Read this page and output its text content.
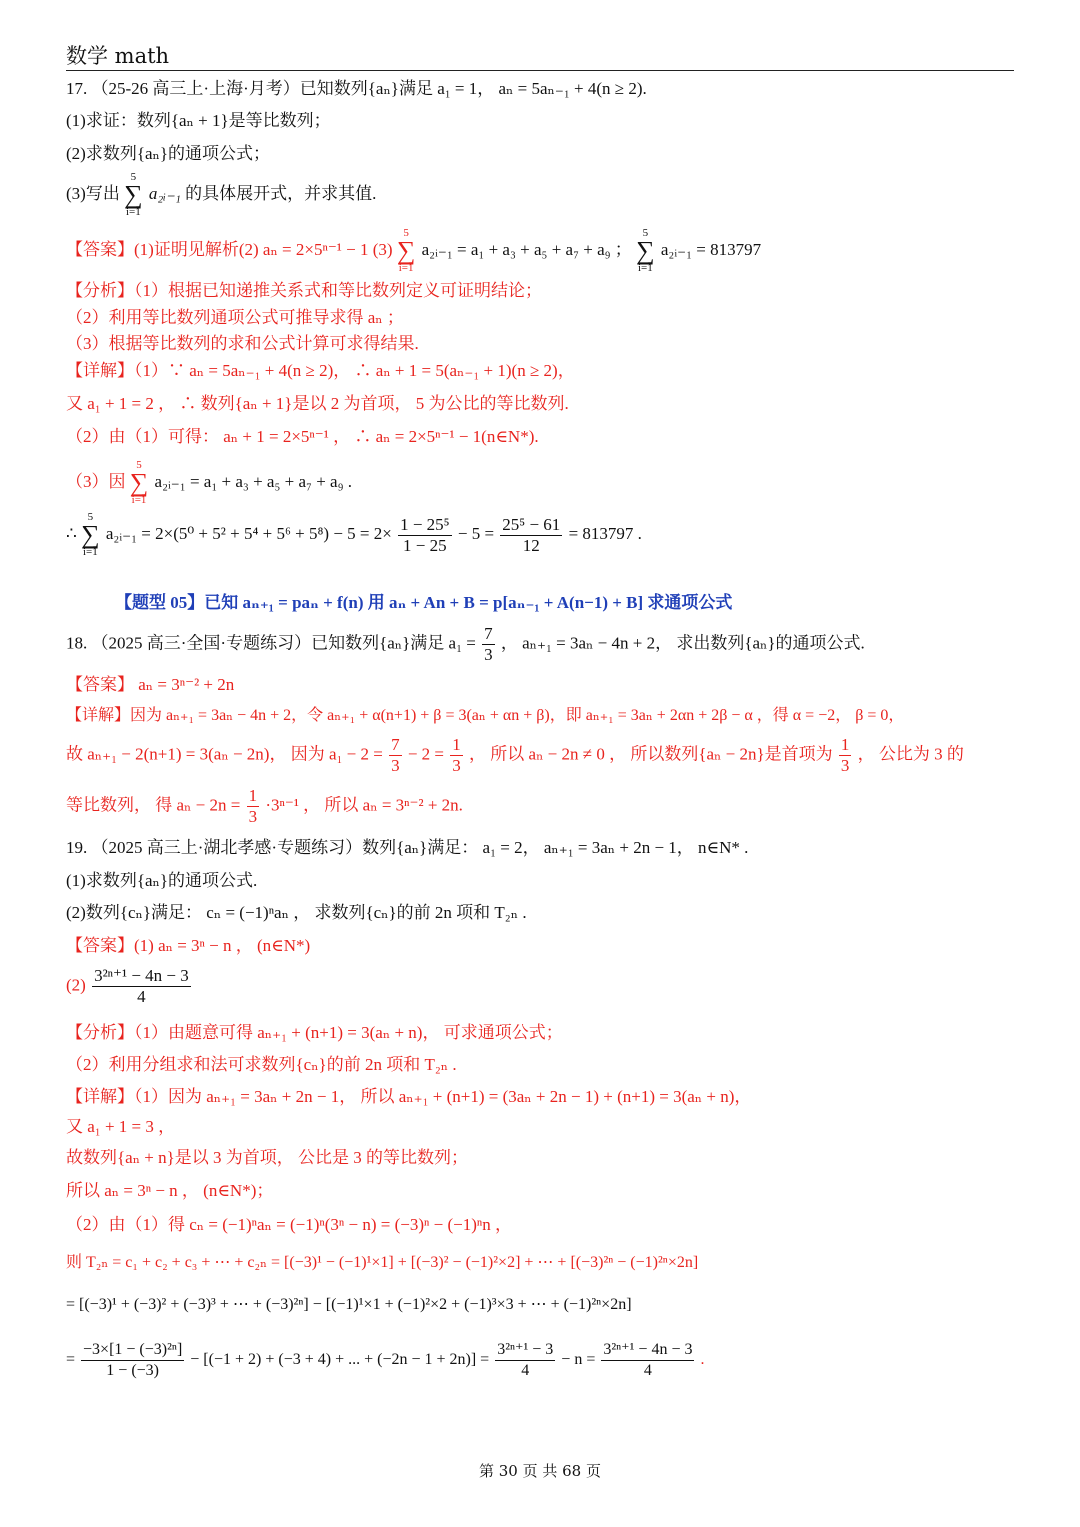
数学 math
17. （25-26 高三上·上海·月考）已知数列{aₙ}满足 a₁ = 1， aₙ = 5aₙ₋₁ + 4(n ≥ 2).
(1)求证：数列{aₙ + 1}是等比数列；
(2)求数列{aₙ}的通项公式；
(3)写出 5
∑
i=1 a₂ᵢ₋₁ 的具体展开式，并求其值.
【答案】(1)证明见解析(2) aₙ = 2×5ⁿ⁻¹ − 1 (3) 5
∑
i=1 a₂ᵢ₋₁ = a₁ + a₃ + a₅ + a₇ + a₉ ； 5
∑
i=1 a₂ᵢ₋₁ = 813797
【分析】（1）根据已知递推关系式和等比数列定义可证明结论；
（2）利用等比数列通项公式可推导求得 aₙ ；
（3）根据等比数列的求和公式计算可求得结果.
【详解】（1）∵ aₙ = 5aₙ₋₁ + 4(n ≥ 2)， ∴ aₙ + 1 = 5(aₙ₋₁ + 1)(n ≥ 2)，
又 a₁ + 1 = 2 ， ∴ 数列{aₙ + 1}是以 2 为首项， 5 为公比的等比数列.
（2）由（1）可得： aₙ + 1 = 2×5ⁿ⁻¹ ， ∴ aₙ = 2×5ⁿ⁻¹ − 1(n∈N*).
（3）因 5
∑
i=1 a₂ᵢ₋₁ = a₁ + a₃ + a₅ + a₇ + a₉ .
∴ 5
∑
i=1 a₂ᵢ₋₁ = $2\times(5^0 + 5^2 + 5^4 + 5^6 + 5^8) - 5 = 2\times \frac{\text{1 − 25⁵}}{1 - 25} - 5 = \frac{\text{25⁵ − 61}}{12} = 813797$ .
【题型 05】已知 aₙ₊₁ = paₙ + f(n) 用 aₙ + An + B = p[aₙ₋₁ + A(n−1) + B] 求通项公式
18. （2025 高三·全国·专题练习）已知数列{aₙ}满足 $a_1 = \frac{7}{3}$ ， aₙ₊₁ = 3aₙ − 4n + 2， 求出数列{aₙ}的通项公式.
【答案】 aₙ = 3ⁿ⁻² + 2n
【详解】因为 aₙ₊₁ = 3aₙ − 4n + 2，令 aₙ₊₁ + α(n+1) + β = 3(aₙ + αn + β)，即 aₙ₊₁ = 3aₙ + 2αn + 2β − α ，得 α = −2， β = 0，
故 aₙ₊₁ − 2(n+1) = 3(aₙ − 2n)， 因为 $a_1 - 2 = \frac{7}{3} - 2 = \frac{1}{3}$ ， 所以 aₙ − 2n ≠ 0 ， 所以数列{aₙ − 2n}是首项为 $\frac{1}{3}$ ， 公比为 3 的
等比数列， 得 $a_n - 2n = \frac{1}{3} \cdot 3^{n-1}$ ， 所以 aₙ = 3ⁿ⁻² + 2n.
19. （2025 高三上·湖北孝感·专题练习）数列{aₙ}满足： a₁ = 2， aₙ₊₁ = 3aₙ + 2n − 1， n∈N* .
(1)求数列{aₙ}的通项公式.
(2)数列{cₙ}满足： cₙ = (−1)ⁿaₙ ， 求数列{cₙ}的前 2n 项和 T₂ₙ .
【答案】(1) aₙ = 3ⁿ − n ， (n∈N*)
$(2) \frac{\text{3²ⁿ⁺¹ − 4n − 3}}{4}$
【分析】（1）由题意可得 aₙ₊₁ + (n+1) = 3(aₙ + n)， 可求通项公式；
（2）利用分组求和法可求数列{cₙ}的前 2n 项和 T₂ₙ .
【详解】（1）因为 aₙ₊₁ = 3aₙ + 2n − 1， 所以 aₙ₊₁ + (n+1) = (3aₙ + 2n − 1) + (n+1) = 3(aₙ + n)，
又 a₁ + 1 = 3 ，
故数列{aₙ + n}是以 3 为首项， 公比是 3 的等比数列；
所以 aₙ = 3ⁿ − n ， (n∈N*)；
（2）由（1）得 cₙ = (−1)ⁿaₙ = (−1)ⁿ(3ⁿ − n) = (−3)ⁿ − (−1)ⁿn ，
则 T₂ₙ = c₁ + c₂ + c₃ + ⋯ + c₂ₙ = [(−3)¹ − (−1)¹×1] + [(−3)² − (−1)²×2] + ⋯ + [(−3)²ⁿ − (−1)²ⁿ×2n]
= [(−3)¹ + (−3)² + (−3)³ + ⋯ + (−3)²ⁿ] − [(−1)¹×1 + (−1)²×2 + (−1)³×3 + ⋯ + (−1)²ⁿ×2n]
= $\frac{\text{−3×[1 − (−3)²ⁿ]}}{1 - (-3)} - [(-1 + 2) + (-3 + 4)$ + ... + $(-2n - 1 + 2n)] = \frac{\text{3²ⁿ⁺¹ − 3}}{4} - n = \frac{\text{3²ⁿ⁺¹ − 4n − 3}}{4}$ .
第 30 页 共 68 页
